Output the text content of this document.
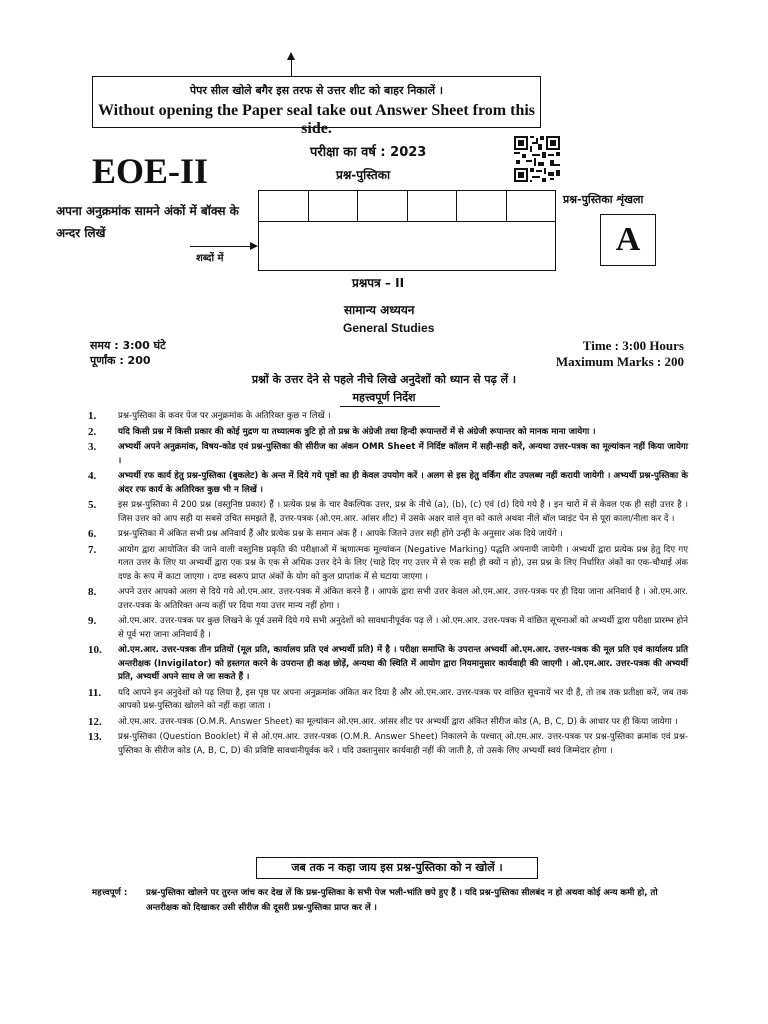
पेपर सील खोले बगैर इस तरफ से उत्तर शीट को बाहर निकालें ।
Without opening the Paper seal take out Answer Sheet from this side.
EOE-II	परीक्षा का वर्ष : 2023
प्रश्न-पुस्तिका
प्रश्न-पुस्तिका शृंखला
A
अपना अनुक्रमांक सामने अंकों में बॉक्स के अन्दर लिखें
शब्दों में
प्रश्नपत्र – II
सामान्य अध्ययन
General Studies
समय : 3:00 घंटे
पूर्णांक : 200
Time : 3:00 Hours
Maximum Marks : 200
प्रश्नों के उत्तर देने से पहले नीचे लिखे अनुदेशों को ध्यान से पढ़ लें ।
महत्त्वपूर्ण निर्देश
1.	प्रश्न-पुस्तिका के कवर पेज पर अनुक्रमांक के अतिरिक्त कुछ न लिखें ।
2.	यदि किसी प्रश्न में किसी प्रकार की कोई मुद्रण या तथ्यात्मक त्रुटि हो तो प्रश्न के अंग्रेजी तथा हिन्दी रूपान्तरों में से अंग्रेजी रूपान्तर को मानक माना जायेगा ।
3.	अभ्यर्थी अपने अनुक्रमांक, विषय-कोड एवं प्रश्न-पुस्तिका की सीरीज का अंकन OMR Sheet में निर्दिष्ट कॉलम में सही-सही करें, अन्यथा उत्तर-पत्रक का मूल्यांकन नहीं किया जायेगा ।
4.	अभ्यर्थी रफ कार्य हेतु प्रश्न-पुस्तिका (बुकलेट) के अन्त में दिये गये पृष्ठों का ही केवल उपयोग करें । अलग से इस हेतु वर्किंग शीट उपलब्ध नहीं करायी जायेगी । अभ्यर्थी प्रश्न-पुस्तिका के अंदर रफ कार्य के अतिरिक्त कुछ भी न लिखें ।
5.	इस प्रश्न-पुस्तिका में 200 प्रश्न (वस्तुनिष्ठ प्रकार) हैं । प्रत्येक प्रश्न के चार वैकल्पिक उत्तर, प्रश्न के नीचे (a), (b), (c) एवं (d) दिये गये हैं । इन चारों में से केवल एक ही सही उत्तर है । जिस उत्तर को आप सही या सबसे उचित समझते हैं, उत्तर-पत्रक (ओ.एम.आर. आंसर शीट) में उसके अक्षर वाले वृत्त को काले अथवा नीले बॉल प्वाइंट पेन से पूरा काला/नीला कर दें ।
6.	प्रश्न-पुस्तिका में अंकित सभी प्रश्न अनिवार्य हैं और प्रत्येक प्रश्न के समान अंक हैं । आपके जितने उत्तर सही होंगे उन्हीं के अनुसार अंक दिये जायेंगे ।
7.	आयोग द्वारा आयोजित की जाने वाली वस्तुनिष्ठ प्रकृति की परीक्षाओं में ऋणात्मक मूल्यांकन (Negative Marking) पद्धति अपनायी जायेगी । अभ्यर्थी द्वारा प्रत्येक प्रश्न हेतु दिए गए गलत उत्तर के लिए या अभ्यर्थी द्वारा एक प्रश्न के एक से अधिक उत्तर देने के लिए (चाहे दिए गए उत्तर में से एक सही ही क्यों न हो), उस प्रश्न के लिए निर्धारित अंकों का एक-चौथाई अंक दण्ड के रूप में काटा जाएगा । दण्ड स्वरूप प्राप्त अंकों के योग को कुल प्राप्तांक में से घटाया जाएगा ।
8.	अपने उत्तर आपको अलग से दिये गये ओ.एम.आर. उत्तर-पत्रक में अंकित करने हैं । आपके द्वारा सभी उत्तर केवल ओ.एम.आर. उत्तर-पत्रक पर ही दिया जाना अनिवार्य है । ओ.एम.आर. उत्तर-पत्रक के अतिरिक्त अन्य कहीं पर दिया गया उत्तर मान्य नहीं होगा ।
9.	ओ.एम.आर. उत्तर-पत्रक पर कुछ लिखने के पूर्व उसमें दिये गये सभी अनुदेशों को सावधानीपूर्वक पढ़ लें । ओ.एम.आर. उत्तर-पत्रक में वांछित सूचनाओं को अभ्यर्थी द्वारा परीक्षा प्रारम्भ होने से पूर्व भरा जाना अनिवार्य है ।
10.	ओ.एम.आर. उत्तर-पत्रक तीन प्रतियों (मूल प्रति, कार्यालय प्रति एवं अभ्यर्थी प्रति) में है । परीक्षा समाप्ति के उपरान्त अभ्यर्थी ओ.एम.आर. उत्तर-पत्रक की मूल प्रति एवं कार्यालय प्रति अन्तरीक्षक (Invigilator) को हस्तगत करने के उपरान्त ही कक्ष छोड़ें, अन्यथा की स्थिति में आयोग द्वारा नियमानुसार कार्यवाही की जाएगी । ओ.एम.आर. उत्तर-पत्रक की अभ्यर्थी प्रति, अभ्यर्थी अपने साथ ले जा सकते हैं ।
11.	यदि आपने इन अनुदेशों को पढ़ लिया है, इस पृष्ठ पर अपना अनुक्रमांक अंकित कर दिया है और ओ.एम.आर. उत्तर-पत्रक पर वांछित सूचनायें भर दी हैं, तो तब तक प्रतीक्षा करें, जब तक आपको प्रश्न-पुस्तिका खोलने को नहीं कहा जाता ।
12.	ओ.एम.आर. उत्तर-पत्रक (O.M.R. Answer Sheet) का मूल्यांकन ओ.एम.आर. आंसर शीट पर अभ्यर्थी द्वारा अंकित सीरीज कोड (A, B, C, D) के आधार पर ही किया जायेगा ।
13.	प्रश्न-पुस्तिका (Question Booklet) में से ओ.एम.आर. उत्तर-पत्रक (O.M.R. Answer Sheet) निकालने के पश्चात् ओ.एम.आर. उत्तर-पत्रक पर प्रश्न-पुस्तिका क्रमांक एवं प्रश्न-पुस्तिका के सीरीज कोड (A, B, C, D) की प्रविष्टि सावधानीपूर्वक करें । यदि उक्तानुसार कार्यवाही नहीं की जाती है, तो उसके लिए अभ्यर्थी स्वयं जिम्मेदार होगा ।
जब तक न कहा जाय इस प्रश्न-पुस्तिका को न खोलें ।
महत्त्वपूर्ण : प्रश्न-पुस्तिका खोलने पर तुरन्त जांच कर देख लें कि प्रश्न-पुस्तिका के सभी पेज भली-भांति छपे हुए हैं । यदि प्रश्न-पुस्तिका सीलबंद न हो अथवा कोई अन्य कमी हो, तो अन्तरीक्षक को दिखाकर उसी सीरीज की दूसरी प्रश्न-पुस्तिका प्राप्त कर लें ।
